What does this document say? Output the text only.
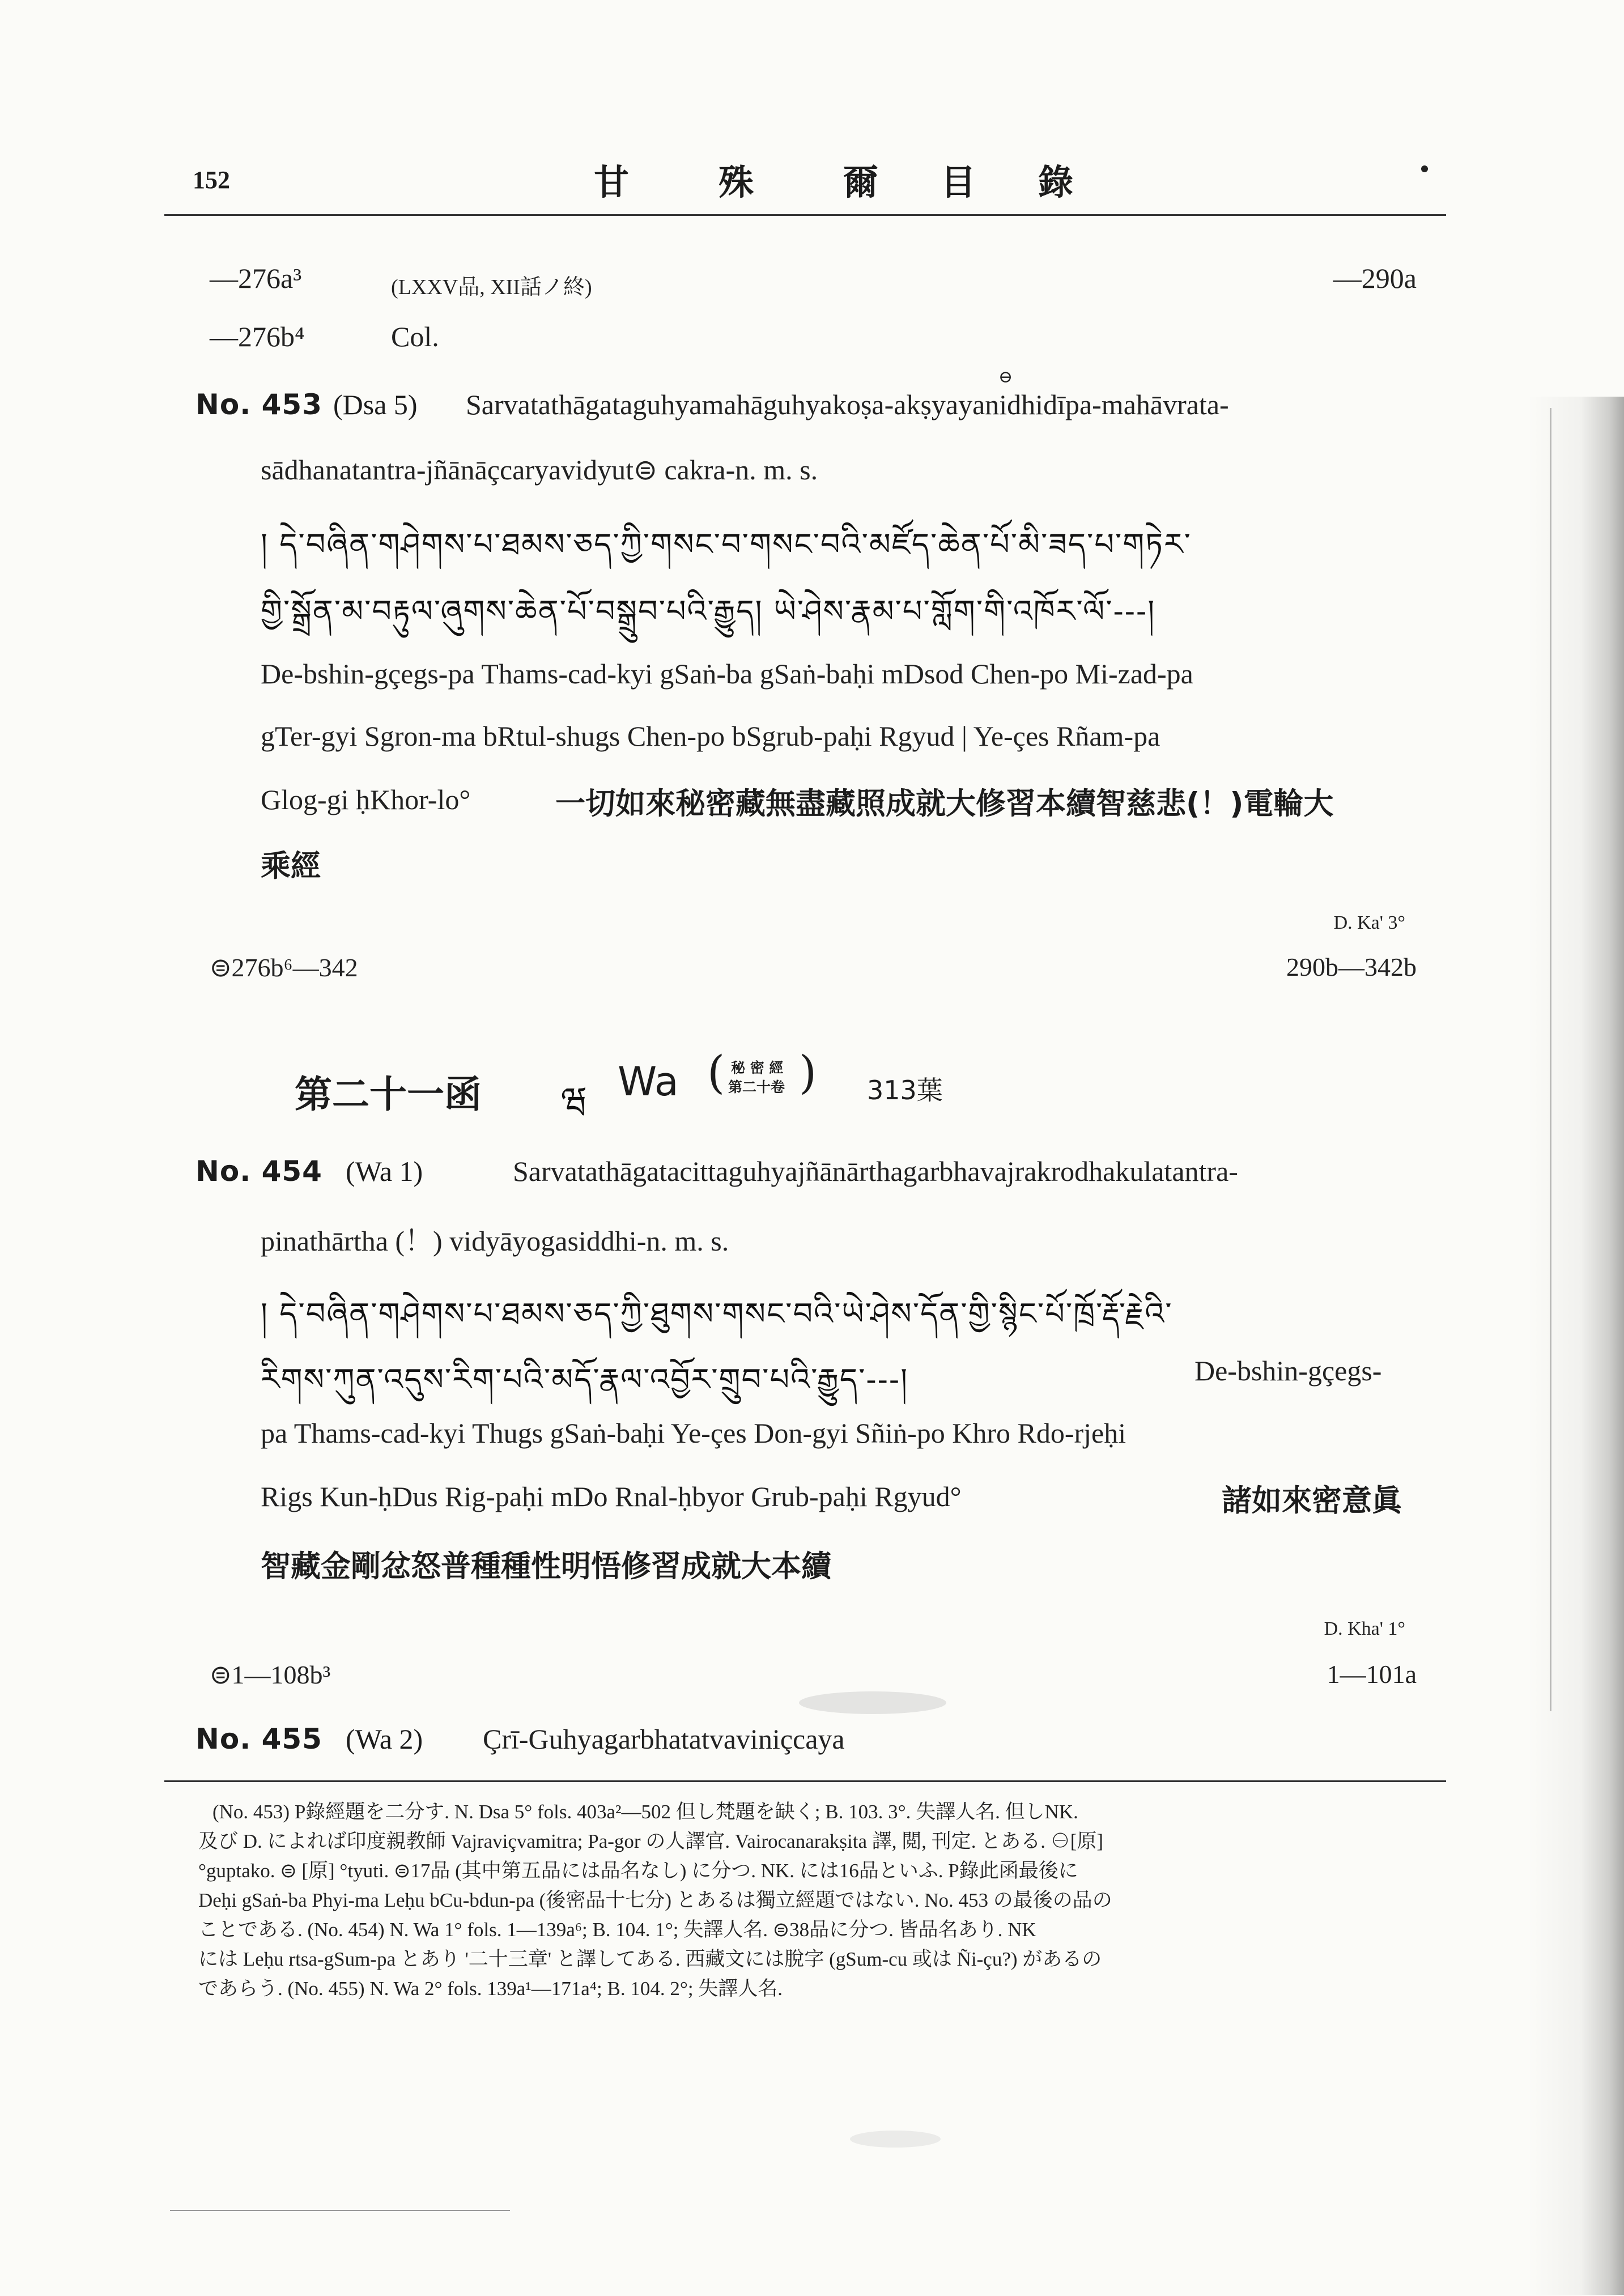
152	甘	殊	爾 目 錄
—276a³	(LXXV品, XII話ノ終)	—290a
—276b⁴	Col.
⊖
No. 453 (Dsa 5) Sarvatathāgataguhyamahāguhyakoṣa-akṣyayanidhidīpa-mahāvrata-
sādhanatantra-jñānāçcaryavidyut⊜ cakra-n. m. s.
། དེ་བཞིན་གཤེགས་པ་ཐམས་ཅད་ཀྱི་གསང་བ་གསང་བའི་མཛོད་ཆེན་པོ་མི་ཟད་པ་གཏེར་
གྱི་སྒྲོན་མ་བརྟུལ་ཞུགས་ཆེན་པོ་བསྒྲུབ་པའི་རྒྱུད། ཡེ་ཤེས་རྣམ་པ་གློག་གི་འཁོར་ལོ་---།
De-bshin-gçegs-pa Thams-cad-kyi gSaṅ-ba gSaṅ-baḥi mDsod Chen-po Mi-zad-pa
gTer-gyi Sgron-ma bRtul-shugs Chen-po bSgrub-paḥi Rgyud | Ye-çes Rñam-pa
Glog-gi ḥKhor-lo°	一切如來秘密藏無盡藏照成就大修習本續智慈悲(！)電輪大
乘經
D. Ka' 3°
⊜276b⁶—342	290b—342b
第二十一函 ཝ Wa ( 秘 密 經
第二十卷 ) 313葉
No. 454 (Wa 1)	Sarvatathāgatacittaguhyajñānārthagarbhavajrakrodhakulatantra-
pinathārtha (！) vidyāyogasiddhi-n. m. s.
། དེ་བཞིན་གཤེགས་པ་ཐམས་ཅད་ཀྱི་ཐུགས་གསང་བའི་ཡེ་ཤེས་དོན་གྱི་སྙིང་པོ་ཁྲོ་རྡོ་རྗེའི་
རིགས་ཀུན་འདུས་རིག་པའི་མདོ་རྣལ་འབྱོར་གྲུབ་པའི་རྒྱུད་---།	De-bshin-gçegs-
pa Thams-cad-kyi Thugs gSaṅ-baḥi Ye-çes Don-gyi Sñiṅ-po Khro Rdo-rjeḥi
Rigs Kun-ḥDus Rig-paḥi mDo Rnal-ḥbyor Grub-paḥi Rgyud°	諸如來密意眞
智藏金剛忿怒普種種性明悟修習成就大本續
D. Kha' 1°
⊜1—108b³	1—101a
No. 455 (Wa 2) Çrī-Guhyagarbhatatvaviniçcaya
(No. 453) P錄經題を二分す. N. Dsa 5° fols. 403a²—502 但し梵題を缺く; B. 103. 3°. 失譯人名. 但しNK.
及び D. によれば印度親教師 Vajraviçvamitra; Pa-gor の人譯官. Vairocanarakṣita 譯, 閲, 刊定. とある. ⊖[原]
°guptako. ⊜ [原] °tyuti. ⊜17品 (其中第五品には品名なし) に分つ. NK. には16品といふ. P錄此函最後に
Deḥi gSaṅ-ba Phyi-ma Leḥu bCu-bdun-pa (後密品十七分) とあるは獨立經題ではない. No. 453 の最後の品の
ことである. (No. 454) N. Wa 1° fols. 1—139a⁶; B. 104. 1°; 失譯人名. ⊜38品に分つ. 皆品名あり. NK
には Leḥu rtsa-gSum-pa とあり '二十三章' と譯してある. 西藏文には脫字 (gSum-cu 或は Ñi-çu?) があるの
であらう. (No. 455) N. Wa 2° fols. 139a¹—171a⁴; B. 104. 2°; 失譯人名.
